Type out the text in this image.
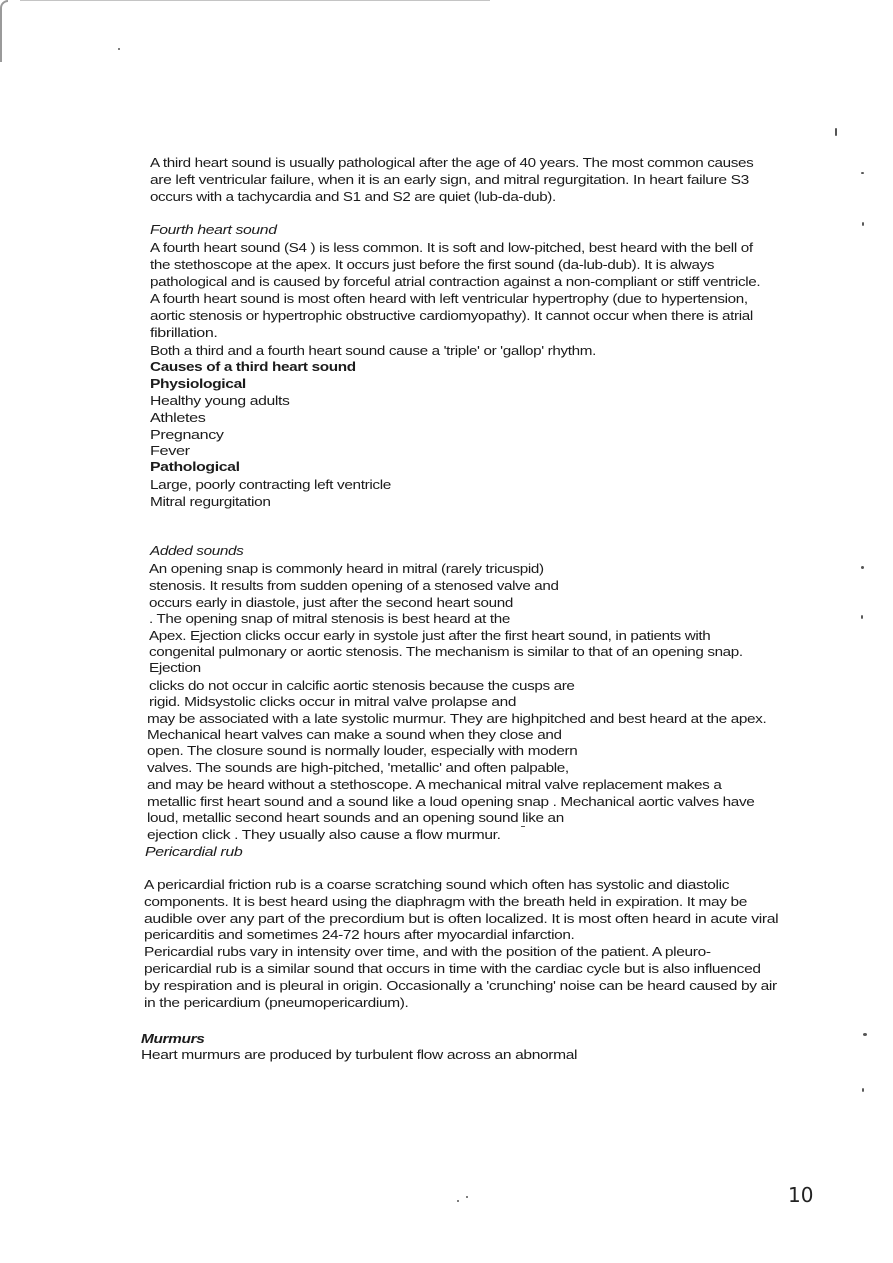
A third heart sound is usually pathological after the age of 40 years. The most common causes
are left ventricular failure, when it is an early sign, and mitral regurgitation. In heart failure S3
occurs with a tachycardia and S1 and S2 are quiet (lub-da-dub).
Fourth heart sound
A fourth heart sound (S4 ) is less common. It is soft and low-pitched, best heard with the bell of
the stethoscope at the apex. It occurs just before the first sound (da-lub-dub). It is always
pathological and is caused by forceful atrial contraction against a non-compliant or stiff ventricle.
A fourth heart sound is most often heard with left ventricular hypertrophy (due to hypertension,
aortic stenosis or hypertrophic obstructive cardiomyopathy). It cannot occur when there is atrial
fibrillation.
Both a third and a fourth heart sound cause a 'triple' or 'gallop' rhythm.
Causes of a third heart sound
Physiological
Healthy young adults
Athletes
Pregnancy
Fever
Pathological
Large, poorly contracting left ventricle
Mitral regurgitation
Added sounds
An opening snap is commonly heard in mitral (rarely tricuspid)
stenosis. It results from sudden opening of a stenosed valve and
occurs early in diastole, just after the second heart sound
. The opening snap of mitral stenosis is best heard at the
Apex. Ejection clicks occur early in systole just after the first heart sound, in patients with
congenital pulmonary or aortic stenosis. The mechanism is similar to that of an opening snap.
Ejection
clicks do not occur in calcific aortic stenosis because the cusps are
rigid. Midsystolic clicks occur in mitral valve prolapse and
may be associated with a late systolic murmur. They are highpitched and best heard at the apex.
Mechanical heart valves can make a sound when they close and
open. The closure sound is normally louder, especially with modern
valves. The sounds are high-pitched, 'metallic' and often palpable,
and may be heard without a stethoscope. A mechanical mitral valve replacement makes a
metallic first heart sound and a sound like a loud opening snap . Mechanical aortic valves have
loud, metallic second heart sounds and an opening sound like an
ejection click . They usually also cause a flow murmur.
Pericardial rub
A pericardial friction rub is a coarse scratching sound which often has systolic and diastolic
components. It is best heard using the diaphragm with the breath held in expiration. It may be
audible over any part of the precordium but is often localized. It is most often heard in acute viral
pericarditis and sometimes 24-72 hours after myocardial infarction.
Pericardial rubs vary in intensity over time, and with the position of the patient. A pleuro-
pericardial rub is a similar sound that occurs in time with the cardiac cycle but is also influenced
by respiration and is pleural in origin. Occasionally a 'crunching' noise can be heard caused by air
in the pericardium (pneumopericardium).
Murmurs
Heart murmurs are produced by turbulent flow across an abnormal
10
